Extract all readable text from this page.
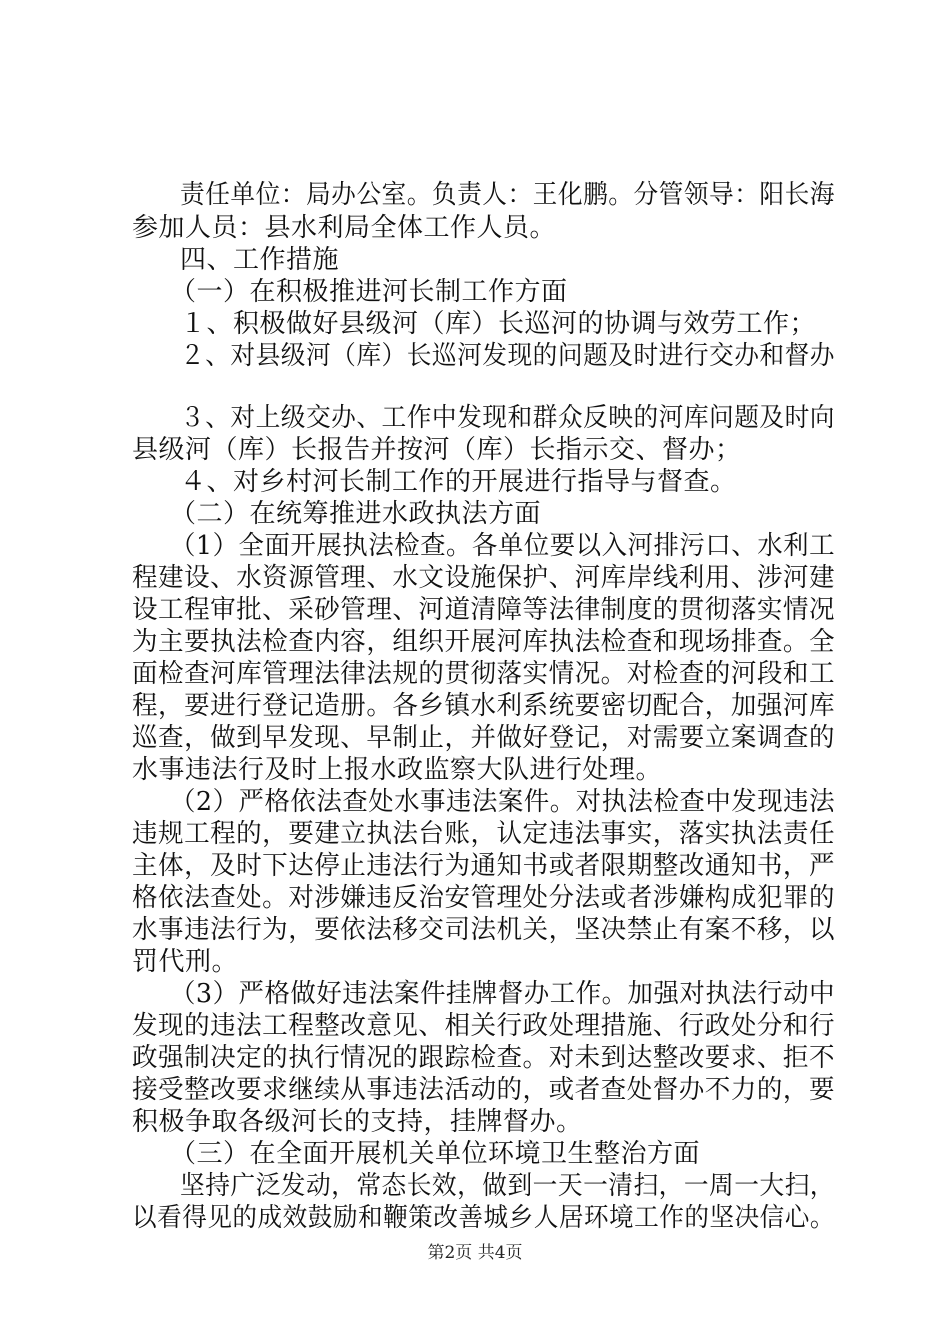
责任单位：局办公室。负责人：王化鹏。分管领导：阳长海
参加人员：县水利局全体工作人员。
四、工作措施
（一）在积极推进河长制工作方面
１、积极做好县级河（库）长巡河的协调与效劳工作；
２、对县级河（库）长巡河发现的问题及时进行交办和督办
３、对上级交办、工作中发现和群众反映的河库问题及时向
县级河（库）长报告并按河（库）长指示交、督办；
４、对乡村河长制工作的开展进行指导与督查。
（二）在统筹推进水政执法方面
（1）全面开展执法检查。各单位要以入河排污口、水利工
程建设、水资源管理、水文设施保护、河库岸线利用、涉河建
设工程审批、采砂管理、河道清障等法律制度的贯彻落实情况
为主要执法检查内容，组织开展河库执法检查和现场排查。全
面检查河库管理法律法规的贯彻落实情况。对检查的河段和工
程，要进行登记造册。各乡镇水利系统要密切配合，加强河库
巡查，做到早发现、早制止，并做好登记，对需要立案调查的
水事违法行及时上报水政监察大队进行处理。
（2）严格依法查处水事违法案件。对执法检查中发现违法
违规工程的，要建立执法台账，认定违法事实，落实执法责任
主体，及时下达停止违法行为通知书或者限期整改通知书，严
格依法查处。对涉嫌违反治安管理处分法或者涉嫌构成犯罪的
水事违法行为，要依法移交司法机关，坚决禁止有案不移，以
罚代刑。
（3）严格做好违法案件挂牌督办工作。加强对执法行动中
发现的违法工程整改意见、相关行政处理措施、行政处分和行
政强制决定的执行情况的跟踪检查。对未到达整改要求、拒不
接受整改要求继续从事违法活动的，或者查处督办不力的，要
积极争取各级河长的支持，挂牌督办。
（三）在全面开展机关单位环境卫生整治方面
坚持广泛发动，常态长效，做到一天一清扫，一周一大扫，
以看得见的成效鼓励和鞭策改善城乡人居环境工作的坚决信心。
第2页 共4页
